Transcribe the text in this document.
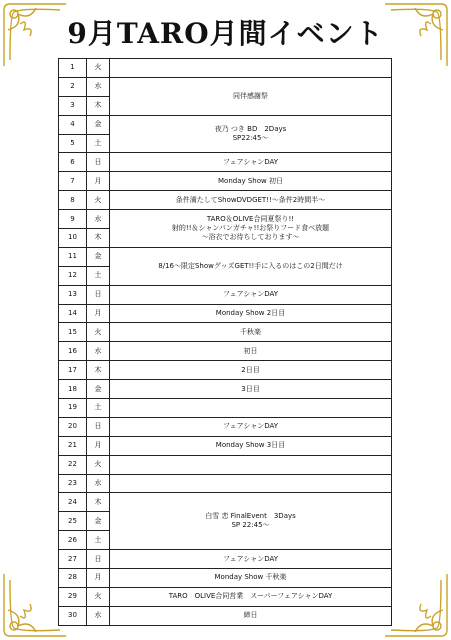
9月TARO月間イベント
1	火	
2	水	同伴感謝祭
3	木	
4	金	夜乃 つき BD　2Days
SP22:45〜
5	土	
6	日	フェアシャンDAY
7	月	Monday Show 初日
8	火	条件満たしてShowDVDGET!!〜条件2時間半〜
9	水	TARO＆OLIVE合同夏祭り!!
射的!!＆シャンパンガチャ!!お祭りフード食べ放題
〜浴衣でお待ちしております〜
10	木	
11	金	8/16〜限定ShowグッズGET!!手に入るのはこの2日間だけ
12	土	
13	日	フェアシャンDAY
14	月	Monday Show 2日目
15	火	千秋楽
16	水	初日
17	木	2日目
18	金	3日目
19	土	
20	日	フェアシャンDAY
21	月	Monday Show 3日目
22	火	
23	水	
24	木	白雪 恋 FinalEvent　3Days
SP 22:45〜
25	金	
26	土	
27	日	フェアシャンDAY
28	月	Monday Show 千秋楽
29	火	TARO　OLIVE合同営業　スーパーフェアシャンDAY
30	水	締日
